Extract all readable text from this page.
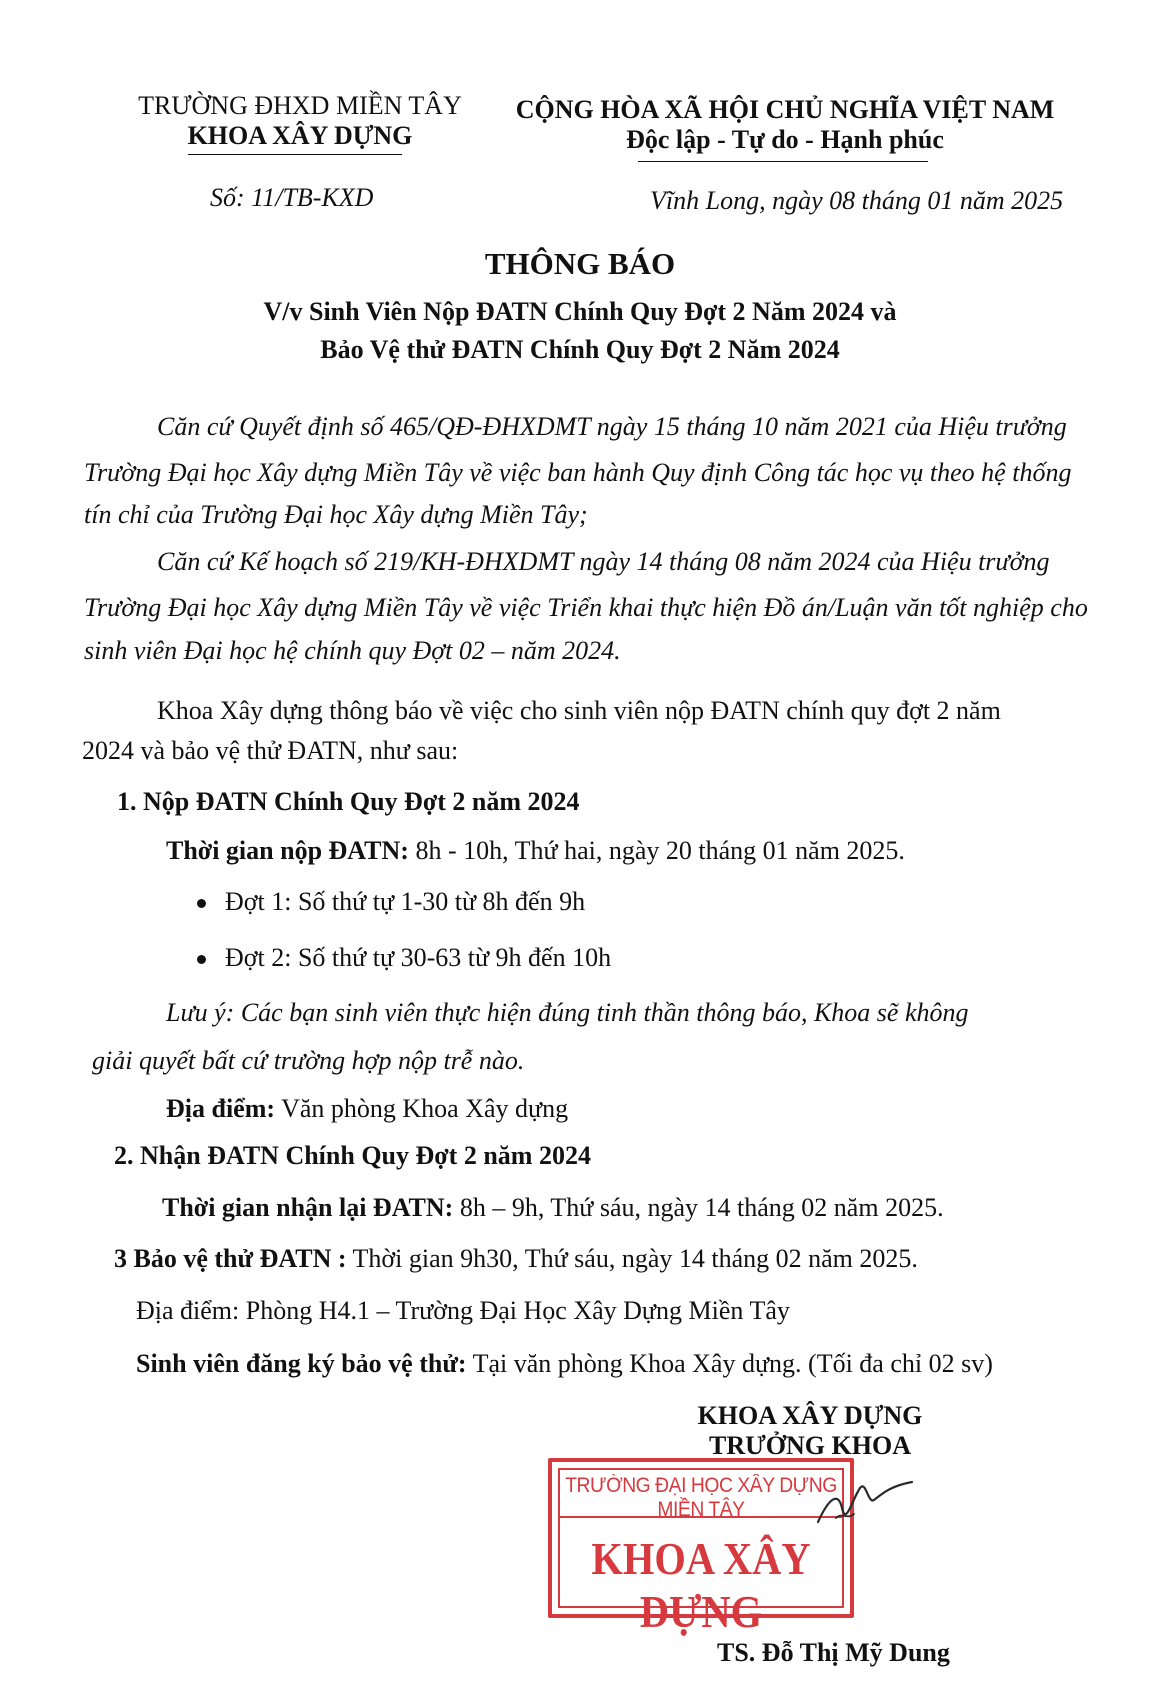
TRƯỜNG ĐHXD MIỀN TÂY
KHOA XÂY DỰNG
CỘNG HÒA XÃ HỘI CHỦ NGHĨA VIỆT NAM
Độc lập - Tự do - Hạnh phúc
Số: 11/TB-KXD	Vĩnh Long, ngày 08 tháng 01 năm 2025
THÔNG BÁO
V/v Sinh Viên Nộp ĐATN Chính Quy Đợt 2 Năm 2024 và
Bảo Vệ thử ĐATN Chính Quy Đợt 2 Năm 2024
Căn cứ Quyết định số 465/QĐ-ĐHXDMT ngày 15 tháng 10 năm 2021 của Hiệu trưởng
Trường Đại học Xây dựng Miền Tây về việc ban hành Quy định Công tác học vụ theo hệ thống
tín chỉ của Trường Đại học Xây dựng Miền Tây;
Căn cứ Kế hoạch số 219/KH-ĐHXDMT ngày 14 tháng 08 năm 2024 của Hiệu trưởng
Trường Đại học Xây dựng Miền Tây về việc Triển khai thực hiện Đồ án/Luận văn tốt nghiệp cho
sinh viên Đại học hệ chính quy Đợt 02 – năm 2024.
Khoa Xây dựng thông báo về việc cho sinh viên nộp ĐATN chính quy đợt 2 năm
2024 và bảo vệ thử ĐATN, như sau:
1. Nộp ĐATN Chính Quy Đợt 2 năm 2024
Thời gian nộp ĐATN: 8h - 10h, Thứ hai, ngày 20 tháng 01 năm 2025.
Đợt 1: Số thứ tự 1-30 từ 8h đến 9h
Đợt 2: Số thứ tự 30-63 từ 9h đến 10h
Lưu ý: Các bạn sinh viên thực hiện đúng tinh thần thông báo, Khoa sẽ không
giải quyết bất cứ trường hợp nộp trễ nào.
Địa điểm: Văn phòng Khoa Xây dựng
2. Nhận ĐATN Chính Quy Đợt 2 năm 2024
Thời gian nhận lại ĐATN: 8h – 9h, Thứ sáu, ngày 14 tháng 02 năm 2025.
3 Bảo vệ thử ĐATN : Thời gian 9h30, Thứ sáu, ngày 14 tháng 02 năm 2025.
Địa điểm: Phòng H4.1 – Trường Đại Học Xây Dựng Miền Tây
Sinh viên đăng ký bảo vệ thử: Tại văn phòng Khoa Xây dựng. (Tối đa chỉ 02 sv)
KHOA XÂY DỰNG
TRƯỞNG KHOA
TRƯỜNG ĐẠI HỌC XÂY DỰNG MIỀN TÂY
KHOA XÂY DỰNG
TS. Đỗ Thị Mỹ Dung
